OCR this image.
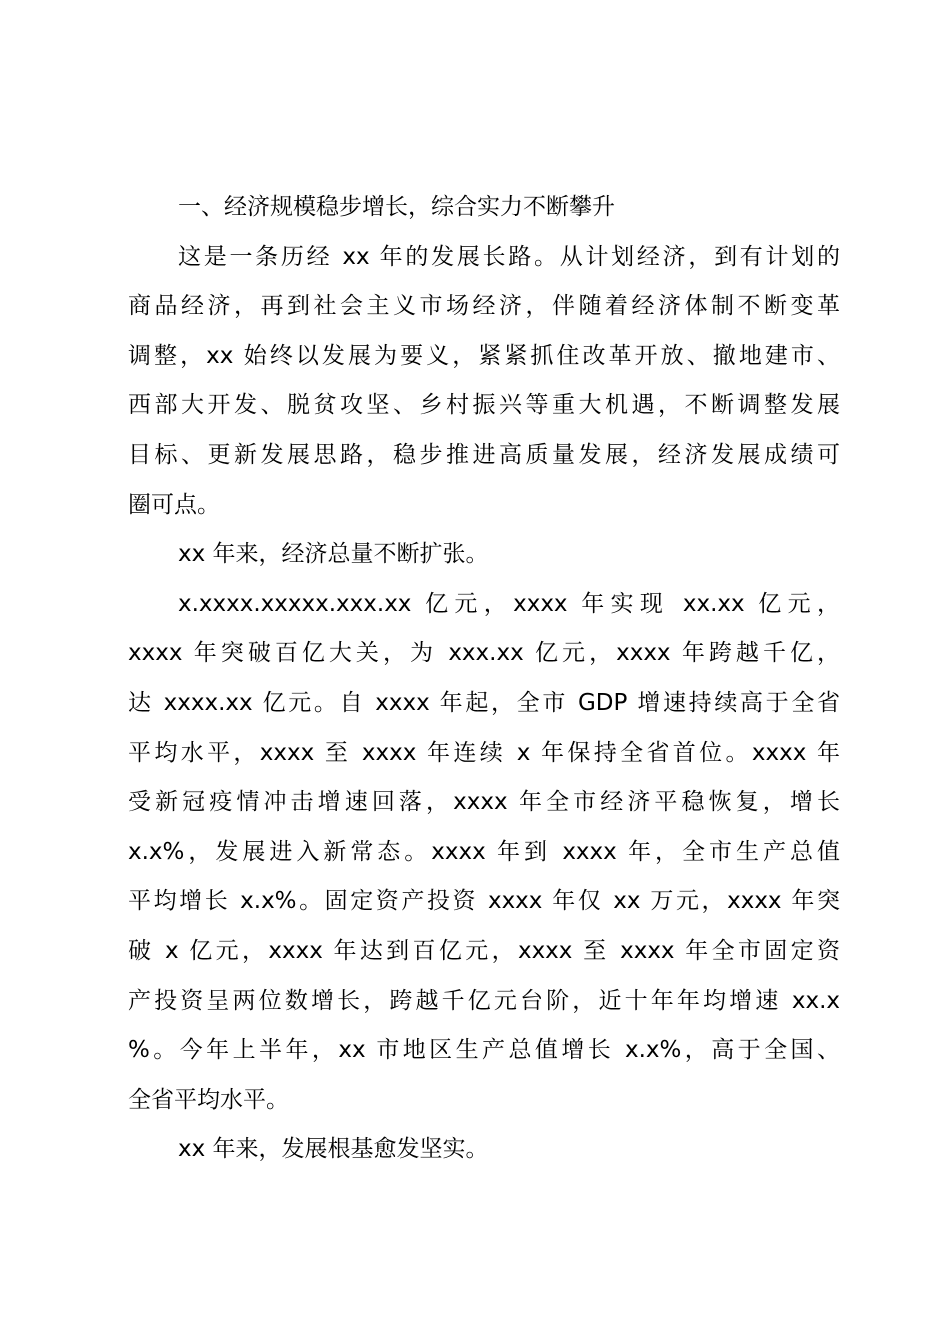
一、经济规模稳步增长，综合实力不断攀升
这是一条历经 xx 年的发展长路。从计划经济，到有计划的
商品经济，再到社会主义市场经济，伴随着经济体制不断变革
调整，xx 始终以发展为要义，紧紧抓住改革开放、撤地建市、
西部大开发、脱贫攻坚、乡村振兴等重大机遇，不断调整发展
目标、更新发展思路，稳步推进高质量发展，经济发展成绩可
圈可点。
xx 年来，经济总量不断扩张。
x.xxxx.xxxxx.xxx.xx 亿元，xxxx 年实现 xx.xx 亿元，
xxxx 年突破百亿大关，为 xxx.xx 亿元，xxxx 年跨越千亿，
达 xxxx.xx 亿元。自 xxxx 年起，全市 GDP 增速持续高于全省
平均水平，xxxx 至 xxxx 年连续 x 年保持全省首位。xxxx 年
受新冠疫情冲击增速回落，xxxx 年全市经济平稳恢复，增长
x.x%，发展进入新常态。xxxx 年到 xxxx 年，全市生产总值
平均增长 x.x%。固定资产投资 xxxx 年仅 xx 万元，xxxx 年突
破 x 亿元，xxxx 年达到百亿元，xxxx 至 xxxx 年全市固定资
产投资呈两位数增长，跨越千亿元台阶，近十年年均增速 xx.x
%。今年上半年，xx 市地区生产总值增长 x.x%，高于全国、
全省平均水平。
xx 年来，发展根基愈发坚实。
